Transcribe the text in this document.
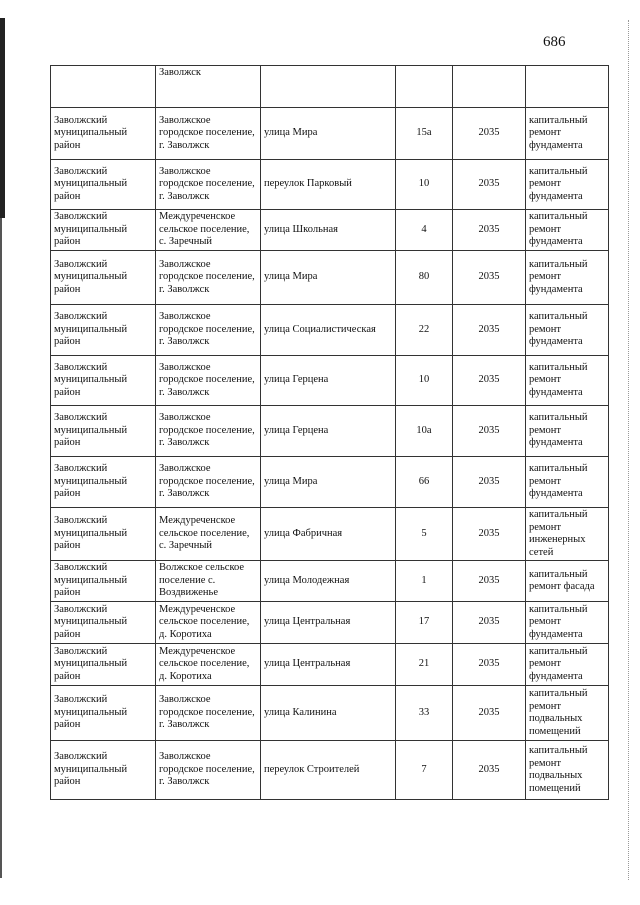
686
	Заволжск				
Заволжский муниципальный район	Заволжское городское поселение, г. Заволжск	улица Мира	15а	2035	капитальный ремонт фундамента
Заволжский муниципальный район	Заволжское городское поселение, г. Заволжск	переулок Парковый	10	2035	капитальный ремонт фундамента
Заволжский муниципальный район	Междуреченское сельское поселение, с. Заречный	улица Школьная	4	2035	капитальный ремонт фундамента
Заволжский муниципальный район	Заволжское городское поселение, г. Заволжск	улица Мира	80	2035	капитальный ремонт фундамента
Заволжский муниципальный район	Заволжское городское поселение, г. Заволжск	улица Социалистическая	22	2035	капитальный ремонт фундамента
Заволжский муниципальный район	Заволжское городское поселение, г. Заволжск	улица Герцена	10	2035	капитальный ремонт фундамента
Заволжский муниципальный район	Заволжское городское поселение, г. Заволжск	улица Герцена	10а	2035	капитальный ремонт фундамента
Заволжский муниципальный район	Заволжское городское поселение, г. Заволжск	улица Мира	66	2035	капитальный ремонт фундамента
Заволжский муниципальный район	Междуреченское сельское поселение, с. Заречный	улица Фабричная	5	2035	капитальный ремонт инженерных сетей
Заволжский муниципальный район	Волжское сельское поселение с. Воздвиженье	улица Молодежная	1	2035	капитальный ремонт фасада
Заволжский муниципальный район	Междуреченское сельское поселение, д. Коротиха	улица Центральная	17	2035	капитальный ремонт фундамента
Заволжский муниципальный район	Междуреченское сельское поселение, д. Коротиха	улица Центральная	21	2035	капитальный ремонт фундамента
Заволжский муниципальный район	Заволжское городское поселение, г. Заволжск	улица Калинина	33	2035	капитальный ремонт подвальных помещений
Заволжский муниципальный район	Заволжское городское поселение, г. Заволжск	переулок Строителей	7	2035	капитальный ремонт подвальных помещений
